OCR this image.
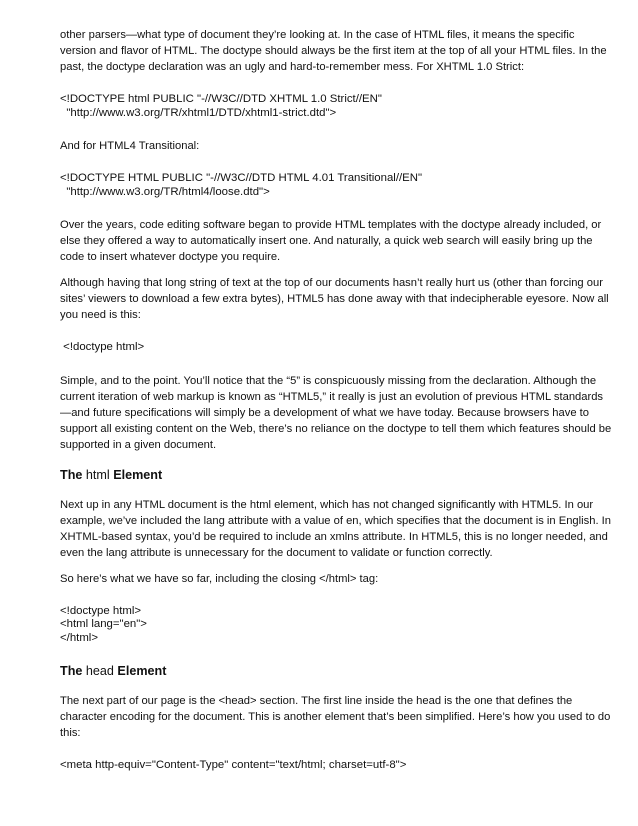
other parsers—what type of document they’re looking at. In the case of HTML files, it means the specific version and flavor of HTML. The doctype should always be the first item at the top of all your HTML files. In the past, the doctype declaration was an ugly and hard-to-remember mess. For XHTML 1.0 Strict:

<!DOCTYPE html PUBLIC "-//W3C//DTD XHTML 1.0 Strict//EN"

"http://www.w3.org/TR/xhtml1/DTD/xhtml1-strict.dtd">

And for HTML4 Transitional:

<!DOCTYPE HTML PUBLIC "-//W3C//DTD HTML 4.01 Transitional//EN"

"http://www.w3.org/TR/html4/loose.dtd">

Over the years, code editing software began to provide HTML templates with the doctype already included, or else they offered a way to automatically insert one. And naturally, a quick web search will easily bring up the code to insert whatever doctype you require.

Although having that long string of text at the top of our documents hasn’t really hurt us (other than forcing our sites’ viewers to download a few extra bytes), HTML5 has done away with that indecipherable eyesore. Now all you need is this:

<!doctype html>

Simple, and to the point. You’ll notice that the “5” is conspicuously missing from the declaration. Although the current iteration of web markup is known as “HTML5,” it really is just an evolution of previous HTML standards—and future specifications will simply be a development of what we have today. Because browsers have to support all existing content on the Web, there’s no reliance on the doctype to tell them which features should be supported in a given document.

The html Element

Next up in any HTML document is the html element, which has not changed significantly with HTML5. In our example, we’ve included the lang attribute with a value of en, which specifies that the document is in English. In XHTML-based syntax, you’d be required to include an xmlns attribute. In HTML5, this is no longer needed, and even the lang attribute is unnecessary for the document to validate or function correctly.

So here’s what we have so far, including the closing </html> tag:

<!doctype html>

<html lang="en">

</html>

The head Element

The next part of our page is the <head> section. The first line inside the head is the one that defines the character encoding for the document. This is another element that’s been simplified. Here’s how you used to do this:

<meta http-equiv="Content-Type" content="text/html; charset=utf-8">
